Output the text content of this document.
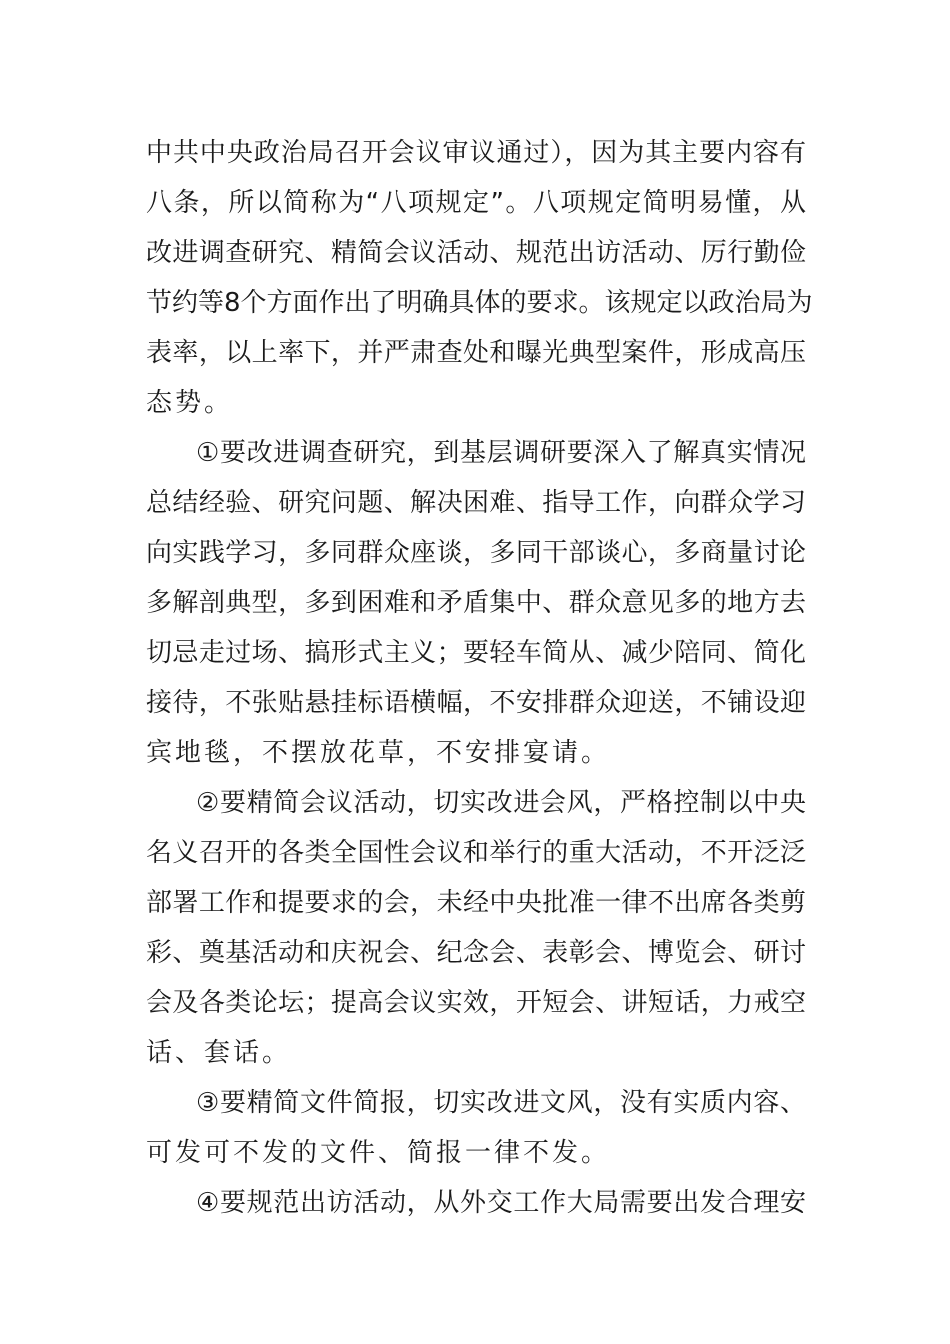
中共中央政治局召开会议审议通过），因为其主要内容有
八条，所以简称为“八项规定”。八项规定简明易懂，从
改进调查研究、精简会议活动、规范出访活动、厉行勤俭
节约等8个方面作出了明确具体的要求。该规定以政治局为
表率，以上率下，并严肃查处和曝光典型案件，形成高压
态势。
①要改进调查研究，到基层调研要深入了解真实情况
总结经验、研究问题、解决困难、指导工作，向群众学习
向实践学习，多同群众座谈，多同干部谈心，多商量讨论
多解剖典型，多到困难和矛盾集中、群众意见多的地方去
切忌走过场、搞形式主义；要轻车简从、减少陪同、简化
接待，不张贴悬挂标语横幅，不安排群众迎送，不铺设迎
宾地毯，不摆放花草，不安排宴请。
②要精简会议活动，切实改进会风，严格控制以中央
名义召开的各类全国性会议和举行的重大活动，不开泛泛
部署工作和提要求的会，未经中央批准一律不出席各类剪
彩、奠基活动和庆祝会、纪念会、表彰会、博览会、研讨
会及各类论坛；提高会议实效，开短会、讲短话，力戒空
话、套话。
③要精简文件简报，切实改进文风，没有实质内容、
可发可不发的文件、简报一律不发。
④要规范出访活动，从外交工作大局需要出发合理安
